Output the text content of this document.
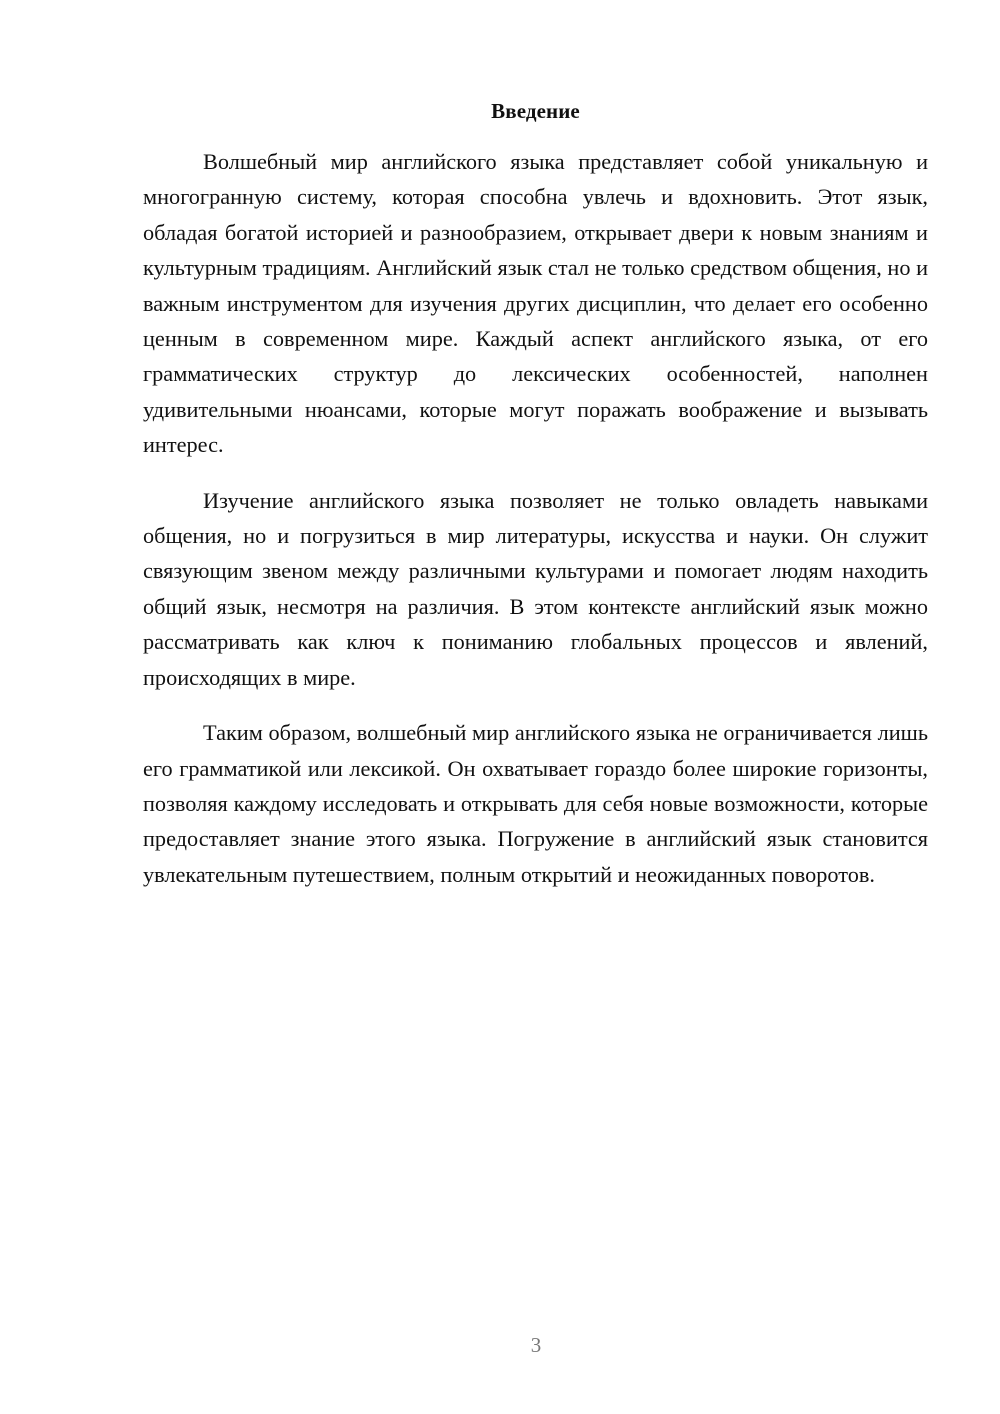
Введение

Волшебный мир английского языка представляет собой уникальную и многогранную систему, которая способна увлечь и вдохновить. Этот язык, обладая богатой историей и разнообразием, открывает двери к новым знаниям и культурным традициям. Английский язык стал не только средством общения, но и важным инструментом для изучения других дисциплин, что делает его особенно ценным в современном мире. Каждый аспект английского языка, от его грамматических структур до лексических особенностей, наполнен удивительными нюансами, которые могут поражать воображение и вызывать интерес.

Изучение английского языка позволяет не только овладеть навыками общения, но и погрузиться в мир литературы, искусства и науки. Он служит связующим звеном между различными культурами и помогает людям находить общий язык, несмотря на различия. В этом контексте английский язык можно рассматривать как ключ к пониманию глобальных процессов и явлений, происходящих в мире.

Таким образом, волшебный мир английского языка не ограничивается лишь его грамматикой или лексикой. Он охватывает гораздо более широкие горизонты, позволяя каждому исследовать и открывать для себя новые возможности, которые предоставляет знание этого языка. Погружение в английский язык становится увлекательным путешествием, полным открытий и неожиданных поворотов.

3
